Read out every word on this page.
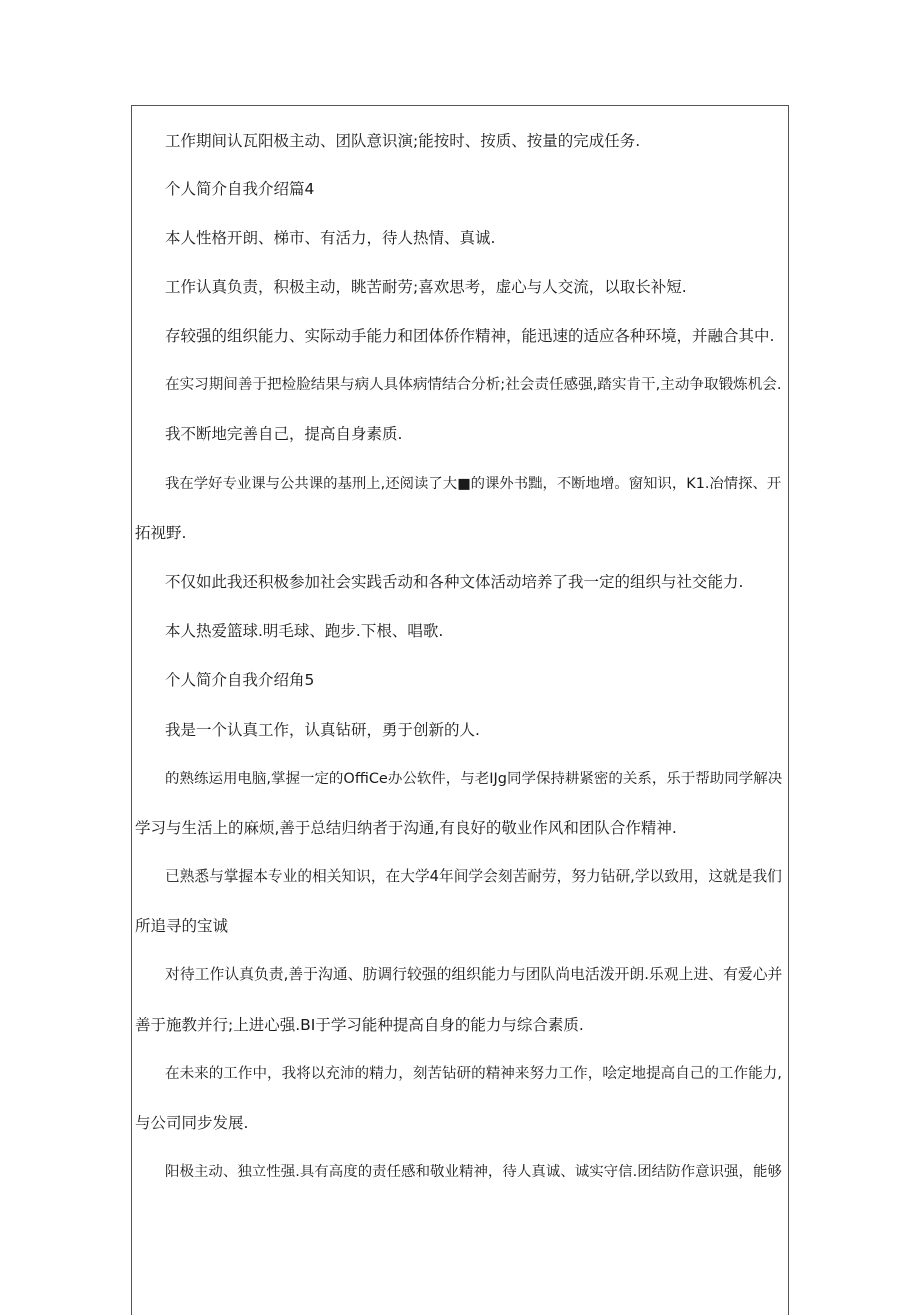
工作期间认瓦阳极主动、团队意识演;能按时、按质、按量的完成任务.
个人简介自我介绍篇4
本人性格开朗、梯市、有活力，待人热情、真诚.
工作认真负责，积极主动，眺苦耐劳;喜欢思考，虚心与人交流，以取长补短.
存较强的组织能力、实际动手能力和团体侨作精神，能迅速的适应各种环境，并融合其中.
在实习期间善于把检脸结果与病人具体病情结合分析;社会责任感强,踏实肯干,主动争取锻炼机会.
我不断地完善自己，提高自身素质.
我在学好专业课与公共课的基刑上,还阅读了大■的课外书黜，不断地增。窗知识，K1.冶情探、开
拓视野.
不仅如此我还积极参加社会实践舌动和各种文体活动培养了我一定的组织与社交能力.
本人热爱篮球.明毛球、跑步.下根、唱歌.
个人简介自我介绍角5
我是一个认真工作，认真钻研，勇于创新的人.
的熟练运用电脑,掌握一定的OffiCe办公软件，与老IJg同学保持耕紧密的关系，乐于帮助同学解决
学习与生活上的麻烦,善于总结归纳者于沟通,有良好的敬业作风和团队合作精神.
已熟悉与掌握本专业的相关知识，在大学4年间学会刻苦耐劳，努力钻研,学以致用，这就是我们
所追寻的宝诚
对待工作认真负责,善于沟通、肪调行较强的组织能力与团队尚电活泼开朗.乐观上进、有爱心并
善于施教并行;上进心强.BI于学习能种提高自身的能力与综合素质.
在未来的工作中，我将以充沛的精力，刻苦钻研的精神来努力工作，哙定地提高自己的工作能力,
与公司同步发展.
阳极主动、独立性强.具有高度的责任感和敬业精神，待人真诚、诚实守信.团结防作意识强，能够
